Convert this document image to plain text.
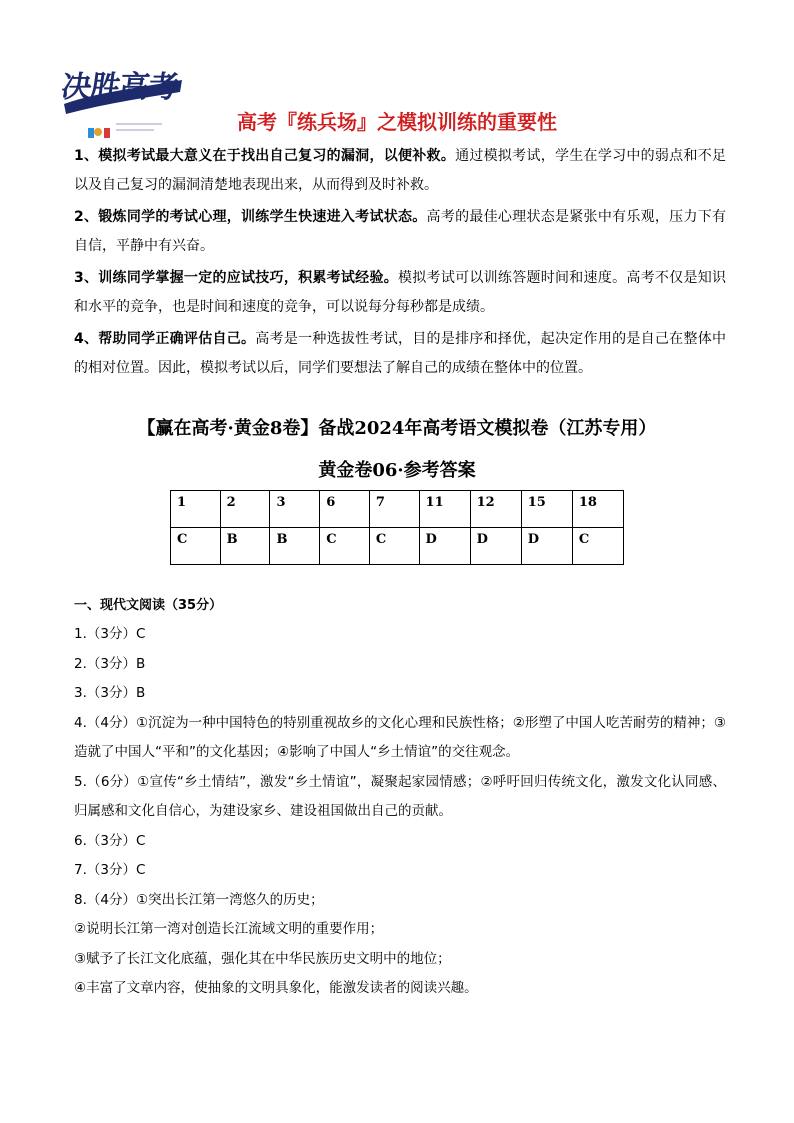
决胜高考
高考『练兵场』之模拟训练的重要性

1、模拟考试最大意义在于找出自己复习的漏洞，以便补救。通过模拟考试，学生在学习中的弱点和不足以及自己复习的漏洞清楚地表现出来，从而得到及时补救。

2、锻炼同学的考试心理，训练学生快速进入考试状态。高考的最佳心理状态是紧张中有乐观，压力下有自信，平静中有兴奋。

3、训练同学掌握一定的应试技巧，积累考试经验。模拟考试可以训练答题时间和速度。高考不仅是知识和水平的竞争，也是时间和速度的竞争，可以说每分每秒都是成绩。

4、帮助同学正确评估自己。高考是一种选拔性考试，目的是排序和择优，起决定作用的是自己在整体中的相对位置。因此，模拟考试以后，同学们要想法了解自己的成绩在整体中的位置。

【赢在高考·黄金8卷】备战2024年高考语文模拟卷（江苏专用）
黄金卷06·参考答案
1	2	3	6	7	11	12	15	18
C	B	B	C	C	D	D	D	C
一、现代文阅读（35分）

1.（3分）C

2.（3分）B

3.（3分）B

4.（4分）①沉淀为一种中国特色的特别重视故乡的文化心理和民族性格；②形塑了中国人吃苦耐劳的精神；③造就了中国人“平和”的文化基因；④影响了中国人“乡土情谊”的交往观念。

5.（6分）①宣传“乡土情结”，激发“乡土情谊”，凝聚起家园情感；②呼吁回归传统文化，激发文化认同感、归属感和文化自信心，为建设家乡、建设祖国做出自己的贡献。

6.（3分）C

7.（3分）C

8.（4分）①突出长江第一湾悠久的历史；

②说明长江第一湾对创造长江流域文明的重要作用；

③赋予了长江文化底蕴，强化其在中华民族历史文明中的地位；

④丰富了文章内容，使抽象的文明具象化，能激发读者的阅读兴趣。
